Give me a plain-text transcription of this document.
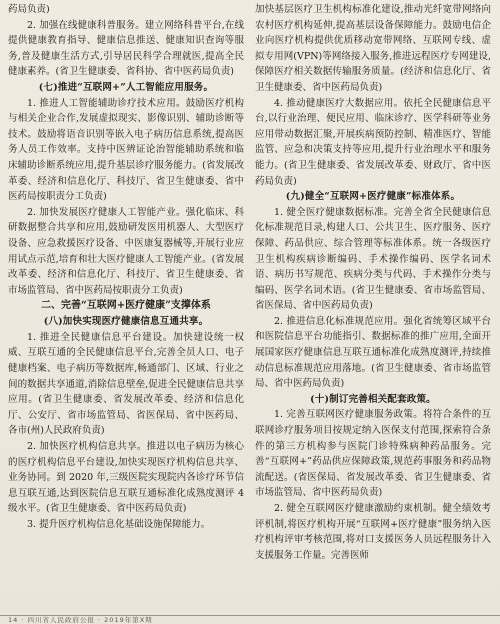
药局负责)

2. 加强在线健康科普服务。建立网络科普平台,在线提供健康教育指导、健康信息推送、健康知识查询等服务,普及健康生活方式,引导居民科学合理就医,提高全民健康素养。(省卫生健康委、省科协、省中医药局负责)

(七)推进“互联网+”人工智能应用服务。

1. 推进人工智能辅助诊疗技术应用。鼓励医疗机构与相关企业合作,发展虚拟现实、影像识别、辅助诊断等技术。鼓励将语音识别等嵌入电子病历信息系统,提高医务人员工作效率。支持中医辨证论治智能辅助系统和临床辅助诊断系统应用,提升基层诊疗服务能力。(省发展改革委、经济和信息化厅、科技厅、省卫生健康委、省中医药局按职责分工负责)

2. 加快发展医疗健康人工智能产业。强化临床、科研数据整合共享和应用,鼓励研发医用机器人、大型医疗设备、应急救援医疗设备、中医康复器械等,开展行业应用试点示范,培育和壮大医疗健康人工智能产业。(省发展改革委、经济和信息化厅、科技厅、省卫生健康委、省市场监管局、省中医药局按职责分工负责)

二、完善“互联网+医疗健康”支撑体系
(八)加快实现医疗健康信息互通共享。

1. 推进全民健康信息平台建设。加快建设统一权威、互联互通的全民健康信息平台,完善全员人口、电子健康档案、电子病历等数据库,畅通部门、区域、行业之间的数据共享通道,消除信息壁垒,促进全民健康信息共享应用。(省卫生健康委、省发展改革委、经济和信息化厅、公安厅、省市场监管局、省医保局、省中医药局、各市(州)人民政府负责)

2. 加快医疗机构信息共享。推进以电子病历为核心的医疗机构信息平台建设,加快实现医疗机构信息共享、业务协同。到 2020 年,三级医院实现院内各诊疗环节信息互联互通,达到医院信息互联互通标准化成熟度测评 4 级水平。(省卫生健康委、省中医药局负责)

3. 提升医疗机构信息化基础设施保障能力。

加快基层医疗卫生机构标准化建设,推动光纤宽带网络向农村医疗机构延伸,提高基层设备保障能力。鼓励电信企业向医疗机构提供优质移动宽带网络、互联网专线、虚拟专用网(VPN)等网络接入服务,推进远程医疗专网建设,保障医疗相关数据传输服务质量。(经济和信息化厅、省卫生健康委、省中医药局负责)

4. 推动健康医疗大数据应用。依托全民健康信息平台,以行业治理、便民应用、临床诊疗、医学科研等业务应用带动数据汇聚,开展疾病预防控制、精准医疗、智能监管、应急和决策支持等应用,提升行业治理水平和服务能力。(省卫生健康委、省发展改革委、财政厅、省中医药局负责)

(九)健全“互联网+医疗健康”标准体系。

1. 健全医疗健康数据标准。完善全省全民健康信息化标准规范目录,构建人口、公共卫生、医疗服务、医疗保障、药品供应、综合管理等标准体系。统一各级医疗卫生机构疾病诊断编码、手术操作编码、医学名词术语、病历书写规范、疾病分类与代码、手术操作分类与编码、医学名词术语。(省卫生健康委、省市场监管局、省医保局、省中医药局负责)

2. 推进信息化标准规范应用。强化省统筹区域平台和医院信息平台功能指引、数据标准的推广应用,全面开展国家医疗健康信息互联互通标准化成熟度测评,持续推动信息标准规范应用落地。(省卫生健康委、省市场监管局、省中医药局负责)

(十)制订完善相关配套政策。

1. 完善互联网医疗健康服务政策。将符合条件的互联网诊疗服务项目按规定纳入医保支付范围,探索符合条件的第三方机构参与医院门诊特殊病种药品服务。完善“互联网+”药品供应保障政策,规范药事服务和药品物流配送。(省医保局、省发展改革委、省卫生健康委、省市场监管局、省中医药局负责)

2. 健全互联网医疗健康激励约束机制。健全绩效考评机制,将医疗机构开展“互联网+医疗健康”服务纳入医疗机构评审考核范围,将对口支援医务人员远程服务计入支援服务工作量。完善医师

14 · 四川省人民政府公报 · 2019年第X期
